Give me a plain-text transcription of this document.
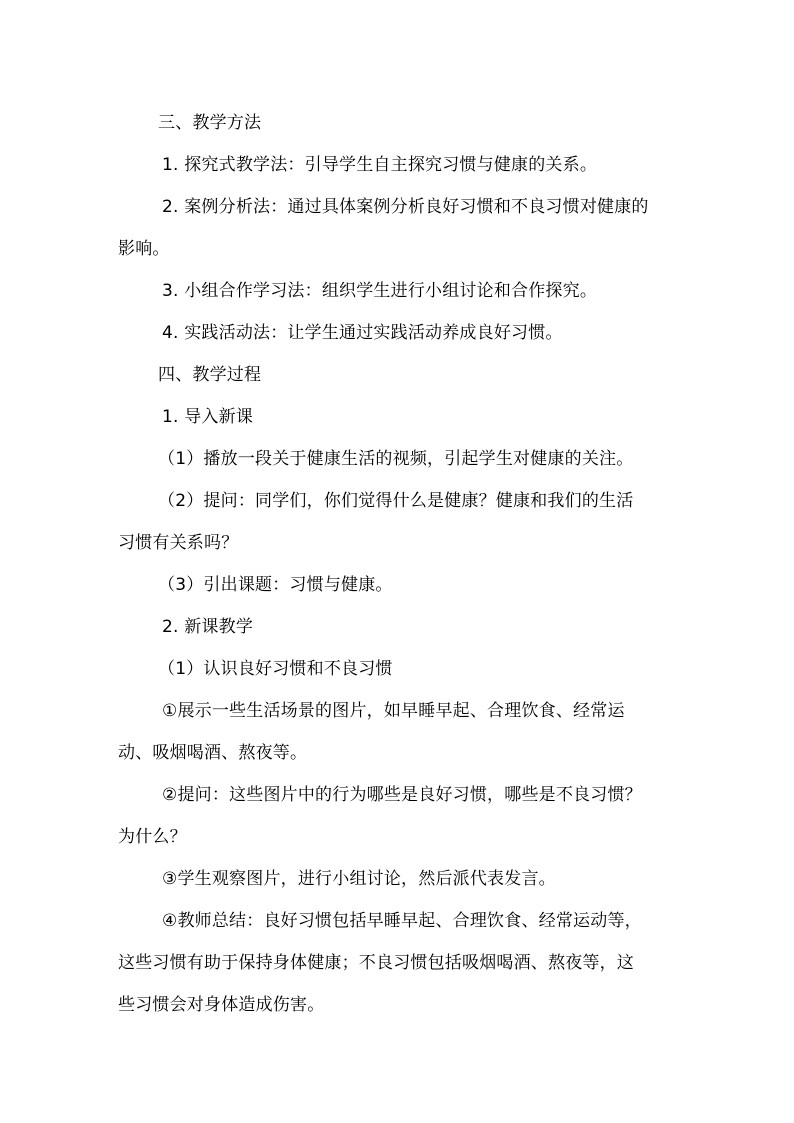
三、教学方法
1. 探究式教学法：引导学生自主探究习惯与健康的关系。
2. 案例分析法：通过具体案例分析良好习惯和不良习惯对健康的
影响。
3. 小组合作学习法：组织学生进行小组讨论和合作探究。
4. 实践活动法：让学生通过实践活动养成良好习惯。
四、教学过程
1. 导入新课
（1）播放一段关于健康生活的视频，引起学生对健康的关注。
（2）提问：同学们，你们觉得什么是健康？健康和我们的生活
习惯有关系吗？
（3）引出课题：习惯与健康。
2. 新课教学
（1）认识良好习惯和不良习惯
①展示一些生活场景的图片，如早睡早起、合理饮食、经常运
动、吸烟喝酒、熬夜等。
②提问：这些图片中的行为哪些是良好习惯，哪些是不良习惯？
为什么？
③学生观察图片，进行小组讨论，然后派代表发言。
④教师总结：良好习惯包括早睡早起、合理饮食、经常运动等，
这些习惯有助于保持身体健康；不良习惯包括吸烟喝酒、熬夜等，这
些习惯会对身体造成伤害。
